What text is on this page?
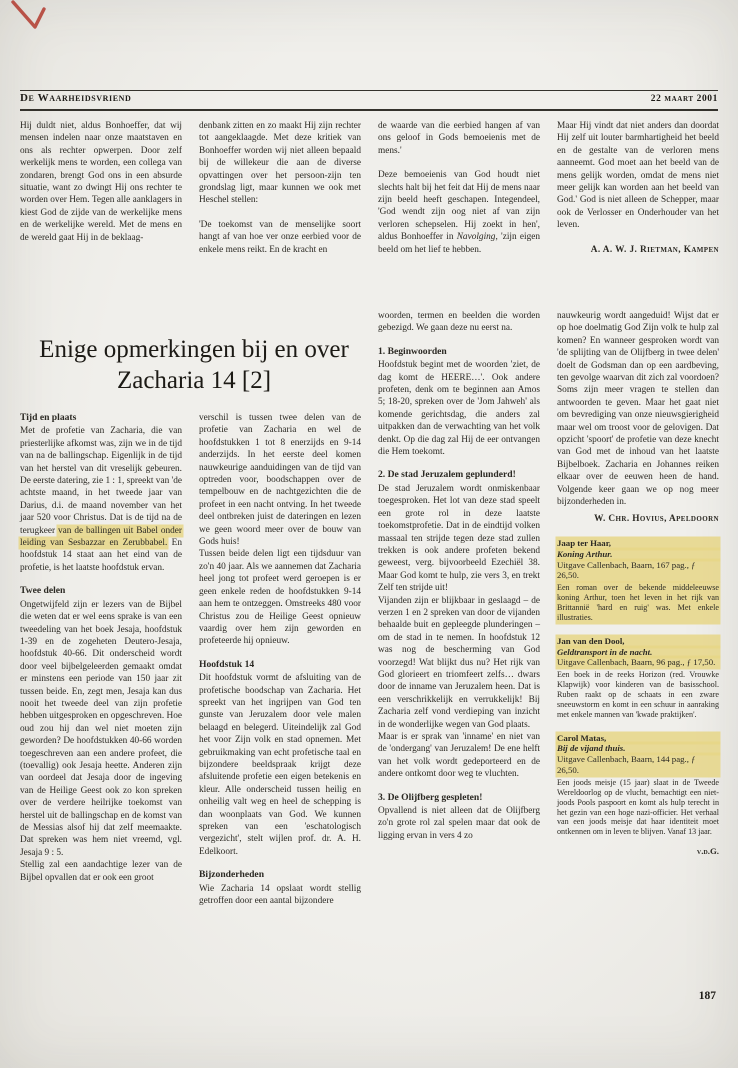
De Waarheidsvriend	22 maart 2001
Hij duldt niet, aldus Bonhoeffer, dat wij mensen indelen naar onze maatstaven en ons als rechter opwerpen. Door zelf werkelijk mens te worden, een collega van zondaren, brengt God ons in een absurde situatie, want zo dwingt Hij ons rechter te worden over Hem. Tegen alle aanklagers in kiest God de zijde van de werkelijke mens en de werkelijke wereld. Met de mens en de wereld gaat Hij in de beklaag-
denbank zitten en zo maakt Hij zijn rechter tot aangeklaagde. Met deze kritiek van Bonhoeffer worden wij niet alleen bepaald bij de willekeur die aan de diverse opvattingen over het persoon-zijn ten grondslag ligt, maar kunnen we ook met Heschel stellen:
'De toekomst van de menselijke soort hangt af van hoe ver onze eerbied voor de enkele mens reikt. En de kracht en
de waarde van die eerbied hangen af van ons geloof in Gods bemoeienis met de mens.'
Deze bemoeienis van God houdt niet slechts halt bij het feit dat Hij de mens naar zijn beeld heeft geschapen. Integendeel, 'God wendt zijn oog niet af van zijn verloren schepselen. Hij zoekt in hen', aldus Bonhoeffer in Navolging, 'zijn eigen beeld om het lief te hebben.
Maar Hij vindt dat niet anders dan doordat Hij zelf uit louter barmhartigheid het beeld en de gestalte van de verloren mens aanneemt. God moet aan het beeld van de mens gelijk worden, omdat de mens niet meer gelijk kan worden aan het beeld van God.' God is niet alleen de Schepper, maar ook de Verlosser en Onderhouder van het leven.
A. A. W. J. Rietman, Kampen
Enige opmerkingen bij en over
Zacharia 14 [2]
Tijd en plaats
Met de profetie van Zacharia, die van priesterlijke afkomst was, zijn we in de tijd van na de ballingschap. Eigenlijk in de tijd van het herstel van dit vreselijk gebeuren. De eerste datering, zie 1 : 1, spreekt van 'de achtste maand, in het tweede jaar van Darius, d.i. de maand november van het jaar 520 voor Christus. Dat is de tijd na de terugkeer van de ballingen uit Babel onder leiding van Sesbazzar en Zerubbabel. En hoofdstuk 14 staat aan het eind van de profetie, is het laatste hoofdstuk ervan.
Twee delen
Ongetwijfeld zijn er lezers van de Bijbel die weten dat er wel eens sprake is van een tweedeling van het boek Jesaja, hoofdstuk 1-39 en de zogeheten Deutero-Jesaja, hoofdstuk 40-66. Dit onderscheid wordt door veel bijbelgeleerden gemaakt omdat er minstens een periode van 150 jaar zit tussen beide. En, zegt men, Jesaja kan dus nooit het tweede deel van zijn profetie hebben uitgesproken en opgeschreven. Hoe oud zou hij dan wel niet moeten zijn geworden? De hoofdstukken 40-66 worden toegeschreven aan een andere profeet, die (toevallig) ook Jesaja heette. Anderen zijn van oordeel dat Jesaja door de ingeving van de Heilige Geest ook zo kon spreken over de verdere heilrijke toekomst van herstel uit de ballingschap en de komst van de Messias alsof hij dat zelf meemaakte. Dat spreken was hem niet vreemd, vgl. Jesaja 9 : 5.
Stellig zal een aandachtige lezer van de Bijbel opvallen dat er ook een groot
verschil is tussen twee delen van de profetie van Zacharia en wel de hoofdstukken 1 tot 8 enerzijds en 9-14 anderzijds. In het eerste deel komen nauwkeurige aanduidingen van de tijd van optreden voor, boodschappen over de tempelbouw en de nachtgezichten die de profeet in een nacht ontving. In het tweede deel ontbreken juist de dateringen en lezen we geen woord meer over de bouw van Gods huis!
Tussen beide delen ligt een tijdsduur van zo'n 40 jaar. Als we aannemen dat Zacharia heel jong tot profeet werd geroepen is er geen enkele reden de hoofdstukken 9-14 aan hem te ontzeggen. Omstreeks 480 voor Christus zou de Heilige Geest opnieuw vaardig over hem zijn geworden en profeteerde hij opnieuw.
Hoofdstuk 14
Dit hoofdstuk vormt de afsluiting van de profetische boodschap van Zacharia. Het spreekt van het ingrijpen van God ten gunste van Jeruzalem door vele malen belaagd en belegerd. Uiteindelijk zal God het voor Zijn volk en stad opnemen. Met gebruikmaking van echt profetische taal en bijzondere beeldspraak krijgt deze afsluitende profetie een eigen betekenis en kleur. Alle onderscheid tussen heilig en onheilig valt weg en heel de schepping is dan woonplaats van God. We kunnen spreken van een 'eschatologisch vergezicht', stelt wijlen prof. dr. A. H. Edelkoort.
Bijzonderheden
Wie Zacharia 14 opslaat wordt stellig getroffen door een aantal bijzondere
woorden, termen en beelden die worden gebezigd. We gaan deze nu eerst na.
1. Beginwoorden
Hoofdstuk begint met de woorden 'ziet, de dag komt de HEERE…'. Ook andere profeten, denk om te beginnen aan Amos 5; 18-20, spreken over de 'Jom Jahweh' als komende gerichtsdag, die anders zal uitpakken dan de verwachting van het volk denkt. Op die dag zal Hij de eer ontvangen die Hem toekomt.
2. De stad Jeruzalem geplunderd!
De stad Jeruzalem wordt onmiskenbaar toegesproken. Het lot van deze stad speelt een grote rol in deze laatste toekomstprofetie. Dat in de eindtijd volken massaal ten strijde tegen deze stad zullen trekken is ook andere profeten bekend geweest, verg. bijvoorbeeld Ezechiël 38. Maar God komt te hulp, zie vers 3, en trekt Zelf ten strijde uit!
Vijanden zijn er blijkbaar in geslaagd – de verzen 1 en 2 spreken van door de vijanden behaalde buit en gepleegde plunderingen – om de stad in te nemen. In hoofdstuk 12 was nog de bescherming van God voorzegd! Wat blijkt dus nu? Het rijk van God glorieert en triomfeert zelfs… dwars door de inname van Jeruzalem heen. Dat is een verschrikkelijk en verrukkelijk! Bij Zacharia zelf vond verdieping van inzicht in de wonderlijke wegen van God plaats.
Maar is er sprak van 'inname' en niet van de 'ondergang' van Jeruzalem! De ene helft van het volk wordt gedeporteerd en de andere ontkomt door weg te vluchten.
3. De Olijfberg gespleten!
Opvallend is niet alleen dat de Olijfberg zo'n grote rol zal spelen maar dat ook de ligging ervan in vers 4 zo
nauwkeurig wordt aangeduid! Wijst dat er op hoe doelmatig God Zijn volk te hulp zal komen? En wanneer gesproken wordt van 'de splijting van de Olijfberg in twee delen' doelt de Godsman dan op een aardbeving, ten gevolge waarvan dit zich zal voordoen? Soms zijn meer vragen te stellen dan antwoorden te geven. Maar het gaat niet om bevrediging van onze nieuwsgierigheid maar wel om troost voor de gelovigen. Dat opzicht 'spoort' de profetie van deze knecht van God met de inhoud van het laatste Bijbelboek. Zacharia en Johannes reiken elkaar over de eeuwen heen de hand. Volgende keer gaan we op nog meer bijzonderheden in.
W. Chr. Hovius, Apeldoorn
Jaap ter Haar,
Koning Arthur.
Uitgave Callenbach, Baarn, 167 pag., ƒ 26,50.
Een roman over de bekende middeleeuwse koning Arthur, toen het leven in het rijk van Brittannië 'hard en ruig' was. Met enkele illustraties.
Jan van den Dool,
Geldtransport in de nacht.
Uitgave Callenbach, Baarn, 96 pag., ƒ 17,50.
Een boek in de reeks Horizon (red. Vrouwke Klapwijk) voor kinderen van de basisschool. Ruben raakt op de schaats in een zware sneeuwstorm en komt in een schuur in aanraking met enkele mannen van 'kwade praktijken'.
Carol Matas,
Bij de vijand thuis.
Uitgave Callenbach, Baarn, 144 pag., ƒ 26,50.
Een joods meisje (15 jaar) slaat in de Tweede Wereldoorlog op de vlucht, bemachtigt een niet-joods Pools paspoort en komt als hulp terecht in het gezin van een hoge nazi-officier. Het verhaal van een joods meisje dat haar identiteit moet ontkennen om in leven te blijven. Vanaf 13 jaar.
v.d.G.
187
